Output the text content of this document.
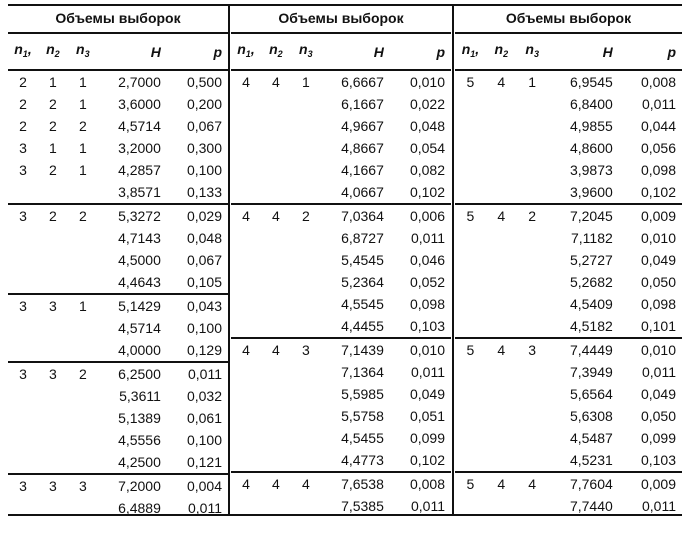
Объемы выборок				
$n_1$,	$n_2$	$n_3$	H	p
2	1	1	2,7000	0,500
2	2	1	3,6000	0,200
2	2	2	4,5714	0,067
3	1	1	3,2000	0,300
3	2	1	4,2857	0,100
			3,8571	0,133
3	2	2	5,3272	0,029
			4,7143	0,048
			4,5000	0,067
			4,4643	0,105
3	3	1	5,1429	0,043
			4,5714	0,100
			4,0000	0,129
3	3	2	6,2500	0,011
			5,3611	0,032
			5,1389	0,061
			4,5556	0,100
			4,2500	0,121
3	3	3	7,2000	0,004
			6,4889	0,011
Объемы выборок				
$n_1$,	$n_2$	$n_3$	H	p
4	4	1	6,6667	0,010
			6,1667	0,022
			4,9667	0,048
			4,8667	0,054
			4,1667	0,082
			4,0667	0,102
4	4	2	7,0364	0,006
			6,8727	0,011
			5,4545	0,046
			5,2364	0,052
			4,5545	0,098
			4,4455	0,103
4	4	3	7,1439	0,010
			7,1364	0,011
			5,5985	0,049
			5,5758	0,051
			4,5455	0,099
			4,4773	0,102
4	4	4	7,6538	0,008
			7,5385	0,011
Объемы выборок				
$n_1$,	$n_2$	$n_3$	H	p
5	4	1	6,9545	0,008
			6,8400	0,011
			4,9855	0,044
			4,8600	0,056
			3,9873	0,098
			3,9600	0,102
5	4	2	7,2045	0,009
			7,1182	0,010
			5,2727	0,049
			5,2682	0,050
			4,5409	0,098
			4,5182	0,101
5	4	3	7,4449	0,010
			7,3949	0,011
			5,6564	0,049
			5,6308	0,050
			4,5487	0,099
			4,5231	0,103
5	4	4	7,7604	0,009
			7,7440	0,011
